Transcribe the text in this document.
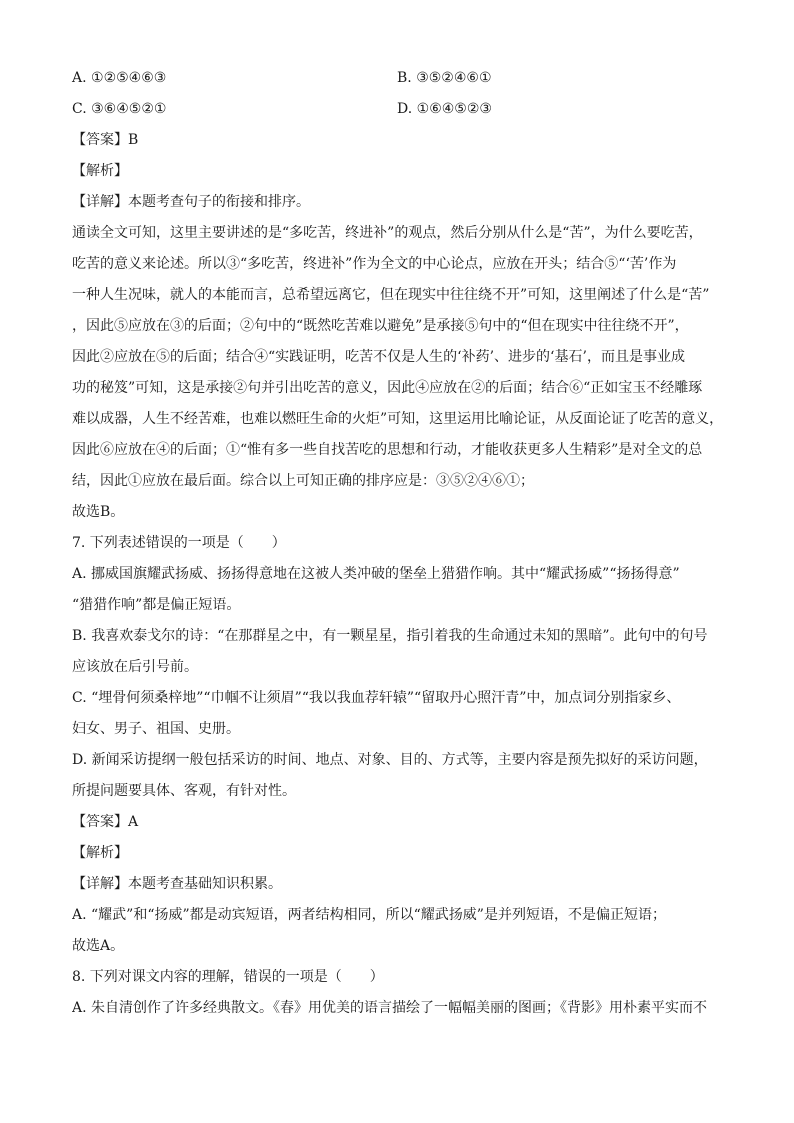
A. ①②⑤④⑥③	B. ③⑤②④⑥①
C. ③⑥④⑤②①	D. ①⑥④⑤②③

【答案】B

【解析】

【详解】本题考查句子的衔接和排序。

通读全文可知，这里主要讲述的是“多吃苦，终进补”的观点，然后分别从什么是“苦”，为什么要吃苦，

吃苦的意义来论述。所以③“多吃苦，终进补”作为全文的中心论点，应放在开头；结合⑤“‘苦’作为

一种人生况味，就人的本能而言，总希望远离它，但在现实中往往绕不开”可知，这里阐述了什么是“苦”

，因此⑤应放在③的后面；②句中的“既然吃苦难以避免”是承接⑤句中的“但在现实中往往绕不开”，

因此②应放在⑤的后面；结合④“实践证明，吃苦不仅是人生的‘补药’、进步的‘基石’，而且是事业成

功的秘笈”可知，这是承接②句并引出吃苦的意义，因此④应放在②的后面；结合⑥“正如宝玉不经雕琢

难以成器，人生不经苦难，也难以燃旺生命的火炬”可知，这里运用比喻论证，从反面论证了吃苦的意义，

因此⑥应放在④的后面；①“惟有多一些自找苦吃的思想和行动，才能收获更多人生精彩”是对全文的总

结，因此①应放在最后面。综合以上可知正确的排序应是：③⑤②④⑥①；

故选B。

7. 下列表述错误的一项是（　　）

A. 挪威国旗耀武扬威、扬扬得意地在这被人类冲破的堡垒上猎猎作响。其中“耀武扬威”“扬扬得意”

“猎猎作响”都是偏正短语。

B. 我喜欢泰戈尔的诗：“在那群星之中，有一颗星星，指引着我的生命通过未知的黑暗”。此句中的句号

应该放在后引号前。

C. “埋骨何须桑梓地”“巾帼不让须眉”“我以我血荐轩辕”“留取丹心照汗青”中，加点词分别指家乡、

妇女、男子、祖国、史册。

D. 新闻采访提纲一般包括采访的时间、地点、对象、目的、方式等，主要内容是预先拟好的采访问题，

所提问题要具体、客观，有针对性。

【答案】A

【解析】

【详解】本题考查基础知识积累。

A. “耀武”和“扬威”都是动宾短语，两者结构相同，所以“耀武扬威”是并列短语，不是偏正短语；

故选A。

8. 下列对课文内容的理解，错误的一项是（　　）

A. 朱自清创作了许多经典散文。《春》用优美的语言描绘了一幅幅美丽的图画；《背影》用朴素平实而不
